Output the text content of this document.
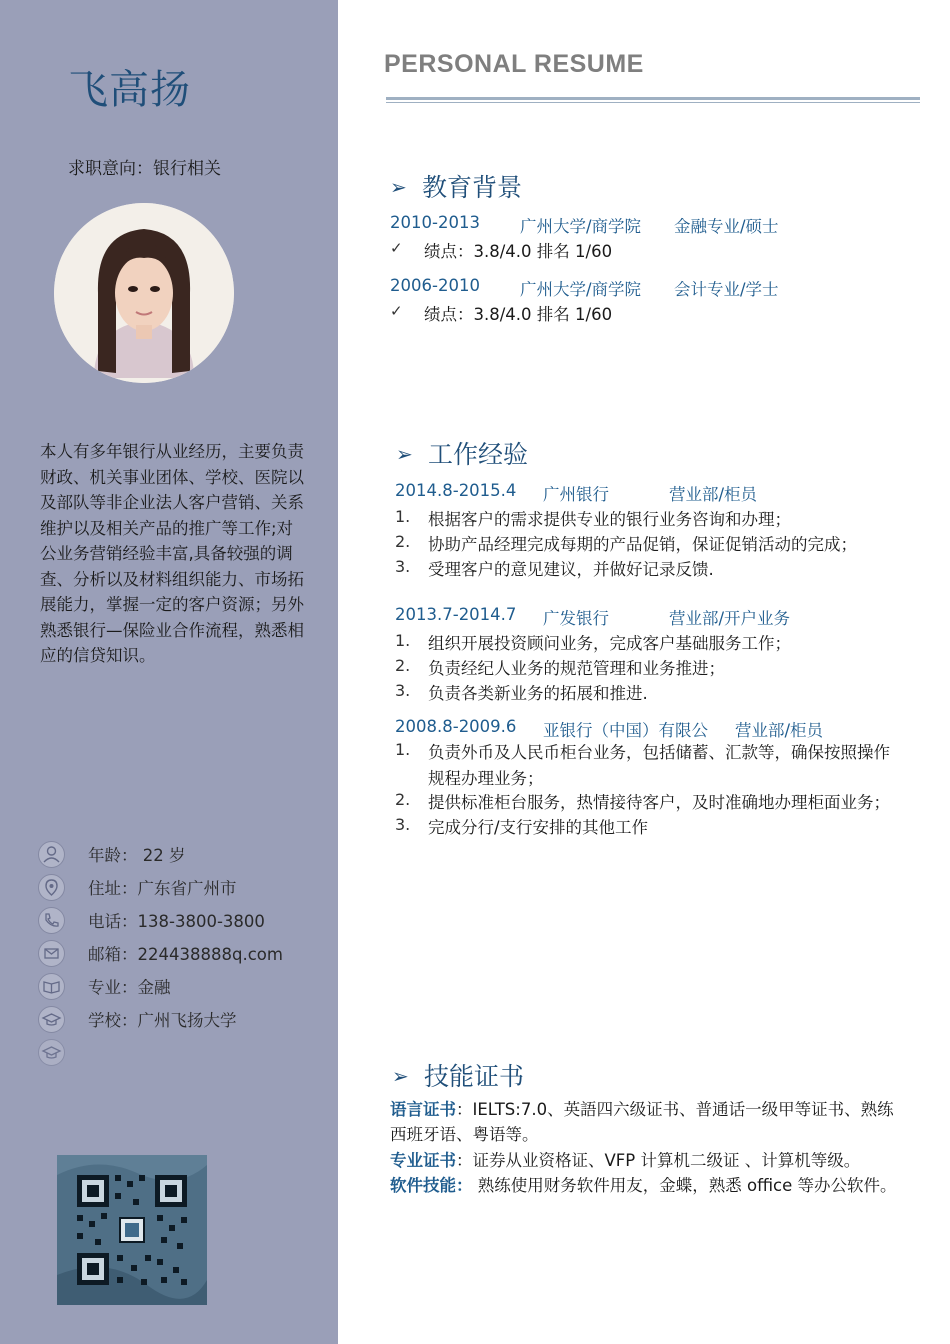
飞高扬
求职意向：银行相关
本人有多年银行从业经历，主要负责财政、机关事业团体、学校、医院以及部队等非企业法人客户营销、关系维护以及相关产品的推广等工作;对公业务营销经验丰富,具备较强的调查、分析以及材料组织能力、市场拓展能力，掌握一定的客户资源；另外熟悉银行—保险业合作流程，熟悉相应的信贷知识。
年龄： 22 岁
住址：广东省广州市
电话：138-3800-3800
邮箱：224438888q.com
专业：金融
学校：广州飞扬大学
PERSONAL RESUME
➢ 教育背景
2010-2013 广州大学/商学院 金融专业/硕士
✓ 绩点：3.8/4.0 排名 1/60
2006-2010 广州大学/商学院 会计专业/学士
✓ 绩点：3.8/4.0 排名 1/60
➢ 工作经验
2014.8-2015.4 广州银行	营业部/柜员
1. 根据客户的需求提供专业的银行业务咨询和办理；
2. 协助产品经理完成每期的产品促销，保证促销活动的完成；
3. 受理客户的意见建议，并做好记录反馈.
2013.7-2014.7 广发银行	营业部/开户业务
1. 组织开展投资顾问业务，完成客户基础服务工作；
2. 负责经纪人业务的规范管理和业务推进；
3. 负责各类新业务的拓展和推进.
2008.8-2009.6 亚银行（中国）有限公 营业部/柜员
1. 负责外币及人民币柜台业务，包括储蓄、汇款等，确保按照操作
规程办理业务；
2. 提供标准柜台服务，热情接待客户，及时准确地办理柜面业务；
3. 完成分行/支行安排的其他工作
➢ 技能证书
语言证书：IELTS:7.0、英語四六级证书、普通话一级甲等证书、熟练
西班牙语、粤语等。
专业证书：证券从业资格证、VFP 计算机二级证 、计算机等级。
软件技能： 熟练使用财务软件用友，金蝶，熟悉 office 等办公软件。
